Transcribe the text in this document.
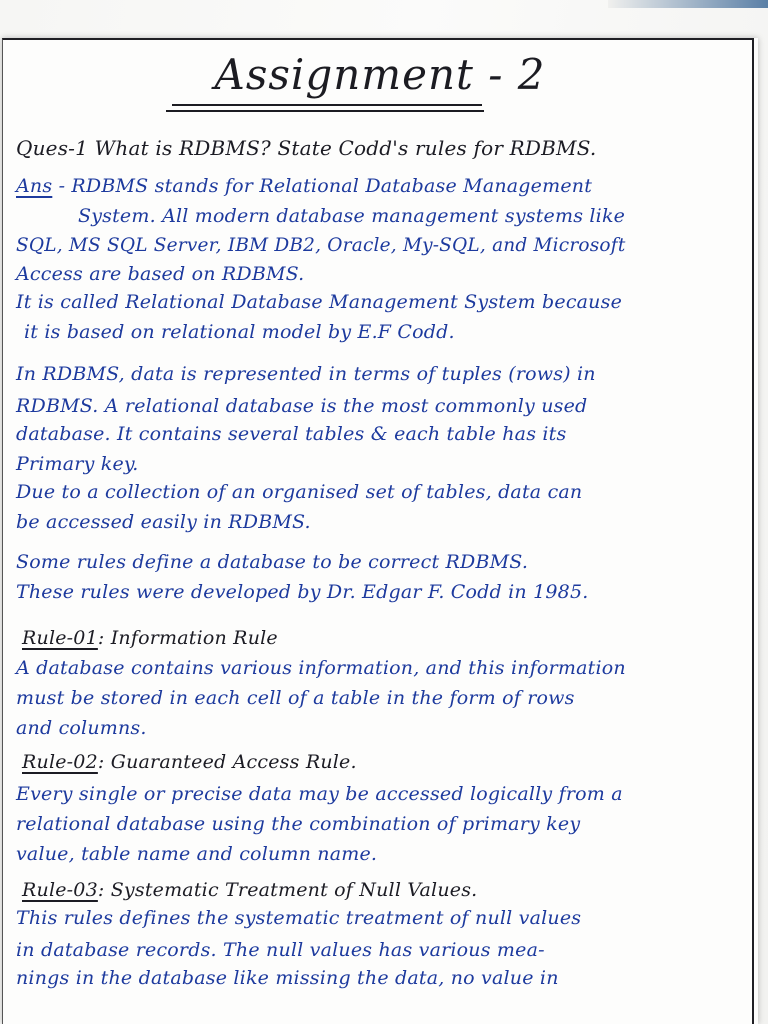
Assignment - 2
Ques-1 What is RDBMS? State Codd's rules for RDBMS.
Ans - RDBMS stands for Relational Database Management
System. All modern database management systems like
SQL, MS SQL Server, IBM DB2, Oracle, My-SQL, and Microsoft
Access are based on RDBMS.
It is called Relational Database Management System because
it is based on relational model by E.F Codd.
In RDBMS, data is represented in terms of tuples (rows) in
RDBMS. A relational database is the most commonly used
database. It contains several tables & each table has its
Primary key.
Due to a collection of an organised set of tables, data can
be accessed easily in RDBMS.
Some rules define a database to be correct RDBMS.
These rules were developed by Dr. Edgar F. Codd in 1985.
Rule-01: Information Rule
A database contains various information, and this information
must be stored in each cell of a table in the form of rows
and columns.
Rule-02: Guaranteed Access Rule.
Every single or precise data may be accessed logically from a
relational database using the combination of primary key
value, table name and column name.
Rule-03: Systematic Treatment of Null Values.
This rules defines the systematic treatment of null values
in database records. The null values has various mea-
nings in the database like missing the data, no value in
